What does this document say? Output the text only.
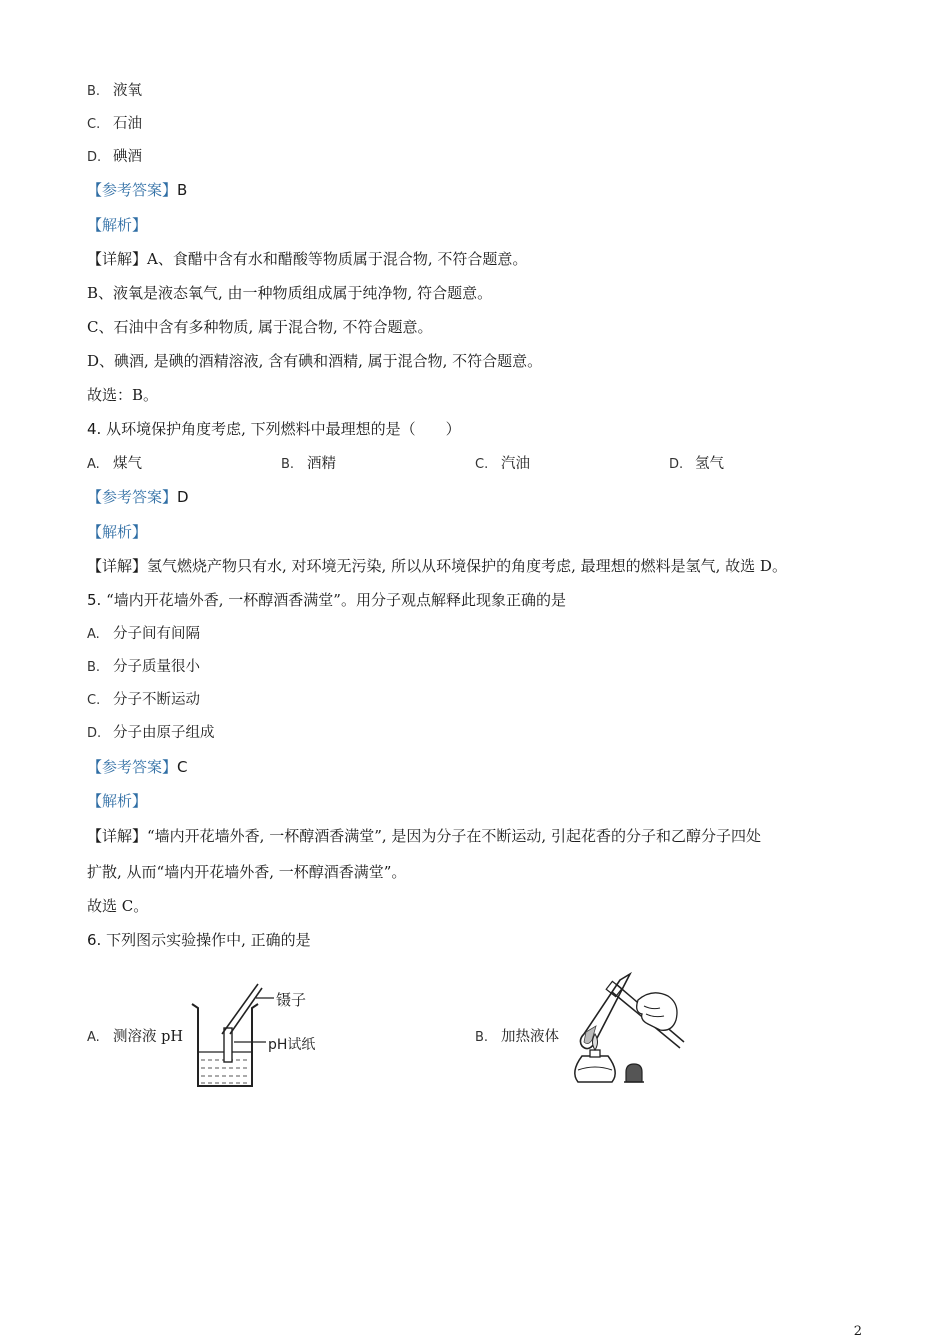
B. 液氧
C. 石油
D. 碘酒
【参考答案】B
【解析】
【详解】A、食醋中含有水和醋酸等物质属于混合物, 不符合题意。
B、液氧是液态氧气, 由一种物质组成属于纯净物, 符合题意。
C、石油中含有多种物质, 属于混合物, 不符合题意。
D、碘酒, 是碘的酒精溶液, 含有碘和酒精, 属于混合物, 不符合题意。
故选：B。
4. 从环境保护角度考虑, 下列燃料中最理想的是（　　）
A. 煤气	B. 酒精	C. 汽油	D. 氢气
【参考答案】D
【解析】
【详解】氢气燃烧产物只有水, 对环境无污染, 所以从环境保护的角度考虑, 最理想的燃料是氢气, 故选 D。
5. “墙内开花墙外香, 一杯醇酒香满堂”。用分子观点解释此现象正确的是
A. 分子间有间隔
B. 分子质量很小
C. 分子不断运动
D. 分子由原子组成
【参考答案】C
【解析】
【详解】“墙内开花墙外香, 一杯醇酒香满堂”, 是因为分子在不断运动, 引起花香的分子和乙醇分子四处
扩散, 从而“墙内开花墙外香, 一杯醇酒香满堂”。
故选 C。
6. 下列图示实验操作中, 正确的是
A. 测溶液 pH
镊子
pH试纸	B. 加热液体
2
